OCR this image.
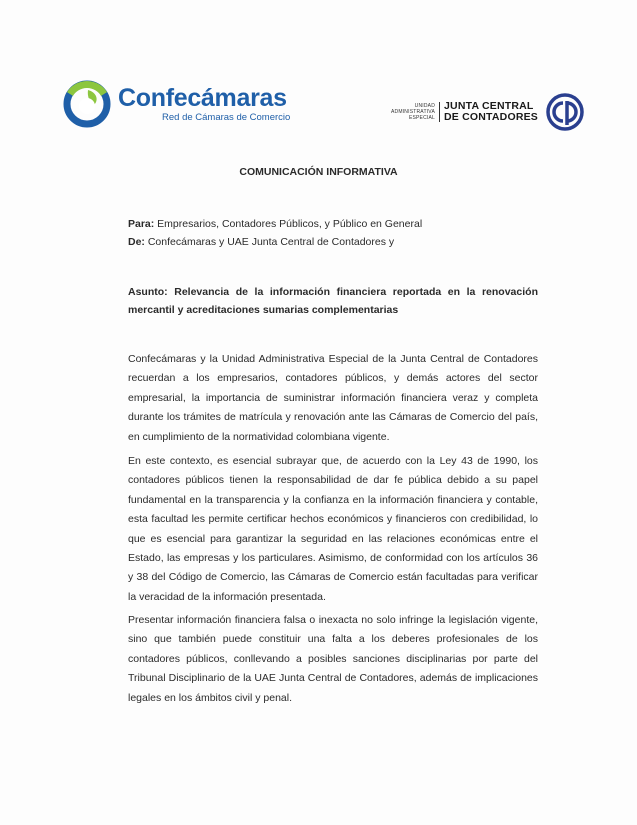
Confecámaras
Red de Cámaras de Comercio
UNIDAD
ADMINISTRATIVA
ESPECIAL
JUNTA CENTRAL
DE CONTADORES
COMUNICACIÓN INFORMATIVA
Para: Empresarios, Contadores Públicos, y Público en General
De: Confecámaras y UAE Junta Central de Contadores y
Asunto: Relevancia de la información financiera reportada en la renovación mercantil y acreditaciones sumarias complementarias
Confecámaras y la Unidad Administrativa Especial de la Junta Central de Contadores recuerdan a los empresarios, contadores públicos, y demás actores del sector empresarial, la importancia de suministrar información financiera veraz y completa durante los trámites de matrícula y renovación ante las Cámaras de Comercio del país, en cumplimiento de la normatividad colombiana vigente.
En este contexto, es esencial subrayar que, de acuerdo con la Ley 43 de 1990, los contadores públicos tienen la responsabilidad de dar fe pública debido a su papel fundamental en la transparencia y la confianza en la información financiera y contable, esta facultad les permite certificar hechos económicos y financieros con credibilidad, lo que es esencial para garantizar la seguridad en las relaciones económicas entre el Estado, las empresas y los particulares. Asimismo, de conformidad con los artículos 36 y 38 del Código de Comercio, las Cámaras de Comercio están facultadas para verificar la veracidad de la información presentada.
Presentar información financiera falsa o inexacta no solo infringe la legislación vigente, sino que también puede constituir una falta a los deberes profesionales de los contadores públicos, conllevando a posibles sanciones disciplinarias por parte del Tribunal Disciplinario de la UAE Junta Central de Contadores, además de implicaciones legales en los ámbitos civil y penal.
